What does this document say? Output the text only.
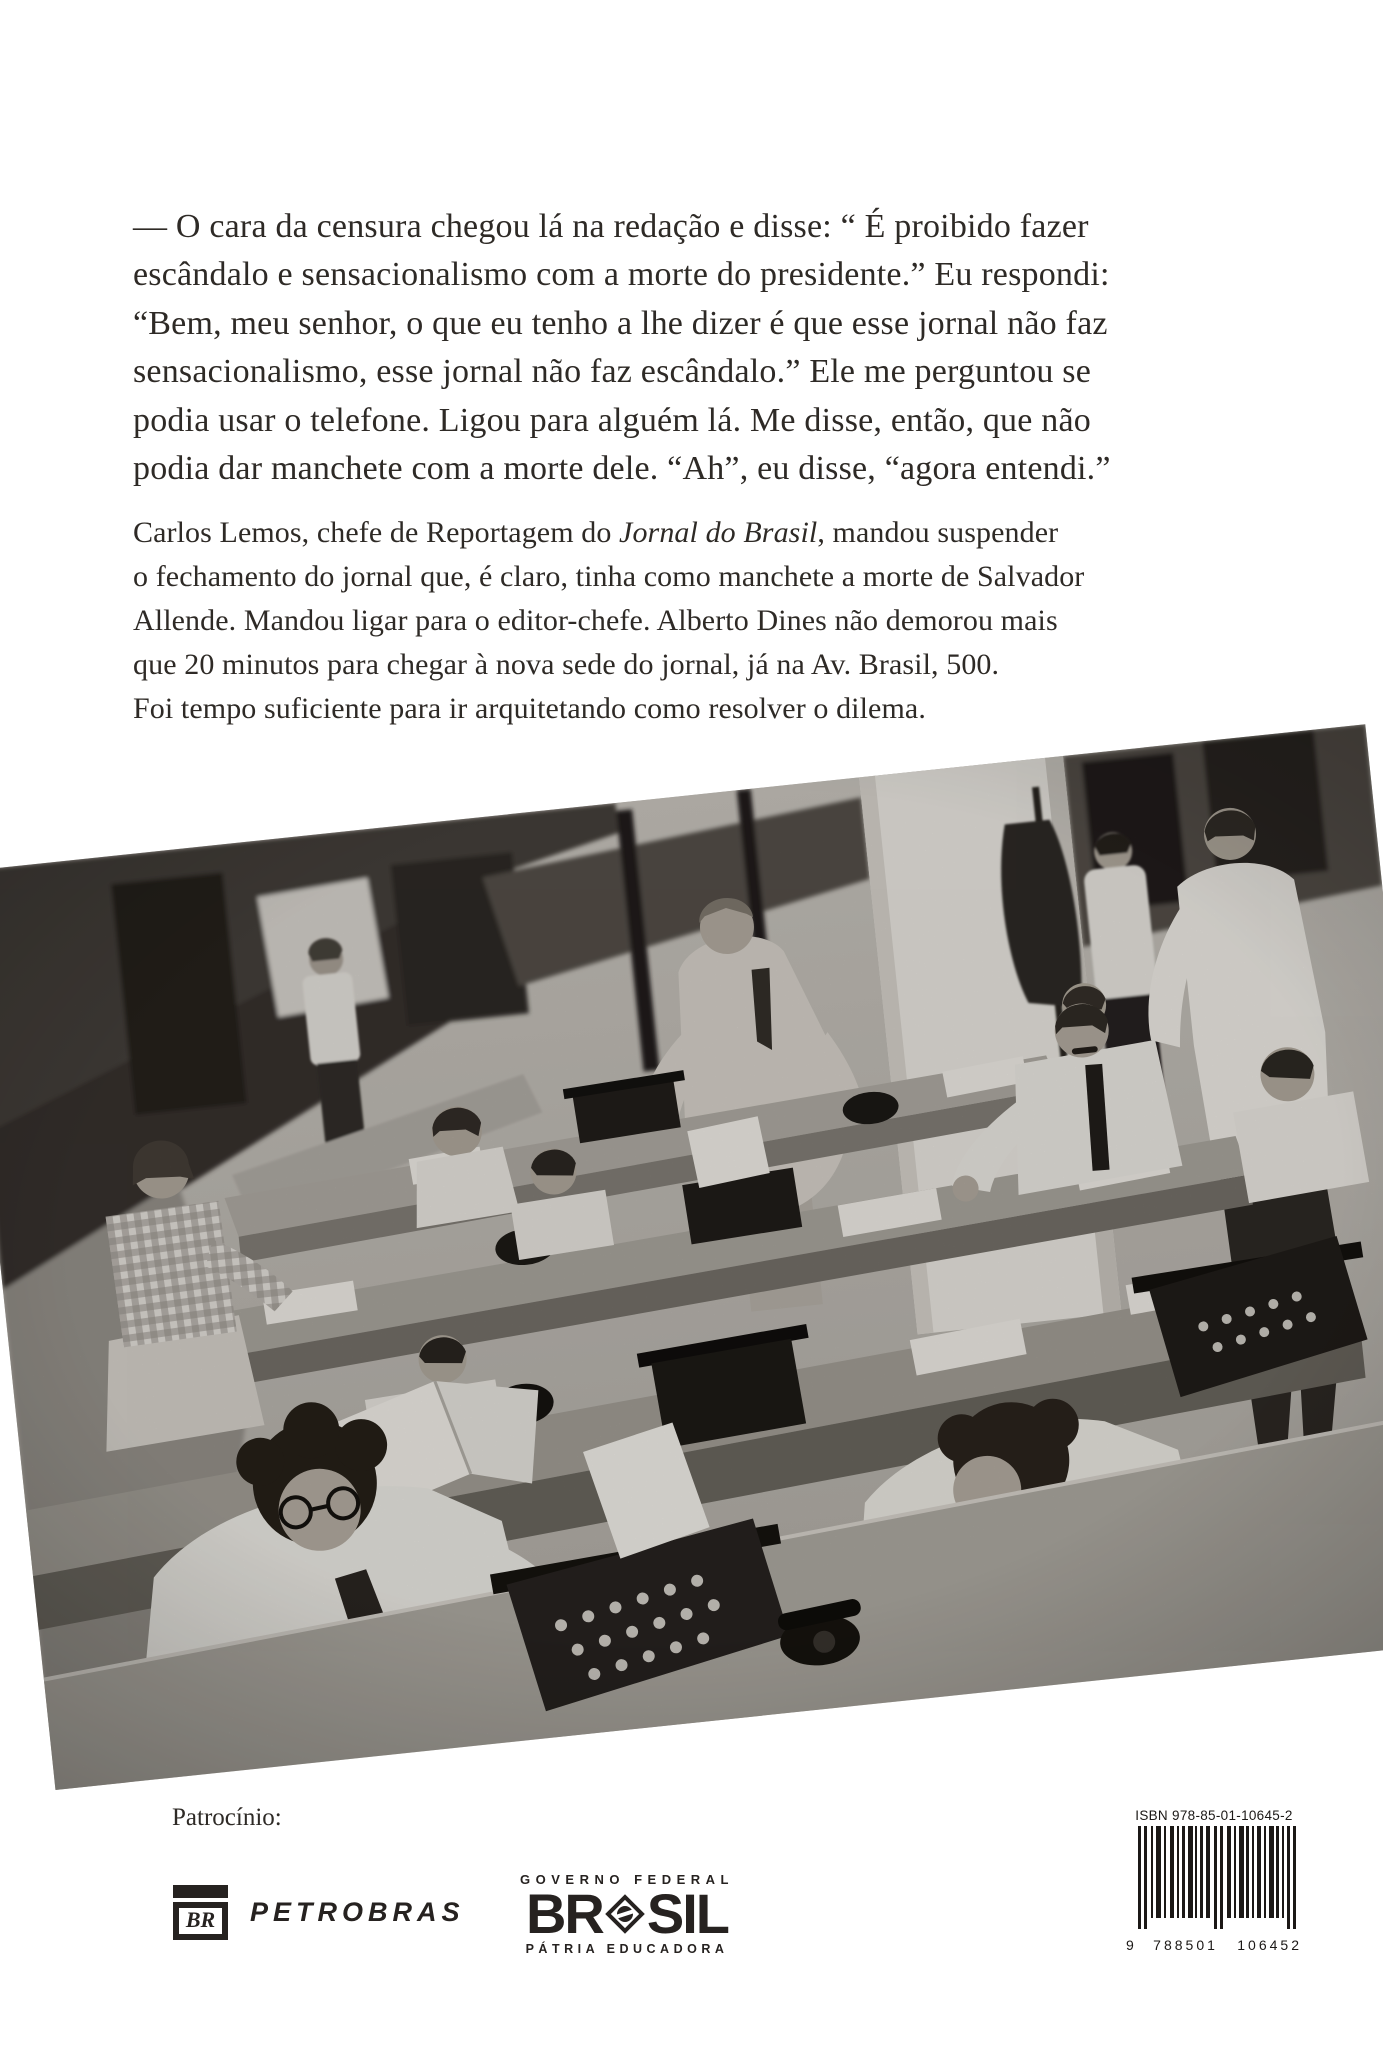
— O cara da censura chegou lá na redação e disse: “ É proibido fazer
escândalo e sensacionalismo com a morte do presidente.” Eu respondi:
“Bem, meu senhor, o que eu tenho a lhe dizer é que esse jornal não faz
sensacionalismo, esse jornal não faz escândalo.” Ele me perguntou se
podia usar o telefone. Ligou para alguém lá. Me disse, então, que não
podia dar manchete com a morte dele. “Ah”, eu disse, “agora entendi.”
Carlos Lemos, chefe de Reportagem do Jornal do Brasil, mandou suspender
o fechamento do jornal que, é claro, tinha como manchete a morte de Salvador
Allende. Mandou ligar para o editor-chefe. Alberto Dines não demorou mais
que 20 minutos para chegar à nova sede do jornal, já na Av. Brasil, 500.
Foi tempo suficiente para ir arquitetando como resolver o dilema.
Patrocínio:
BR PETROBRAS
GOVERNO FEDERAL
BR SIL
PÁTRIA EDUCADORA
ISBN 978-85-01-10645-2
9 788501 106452
